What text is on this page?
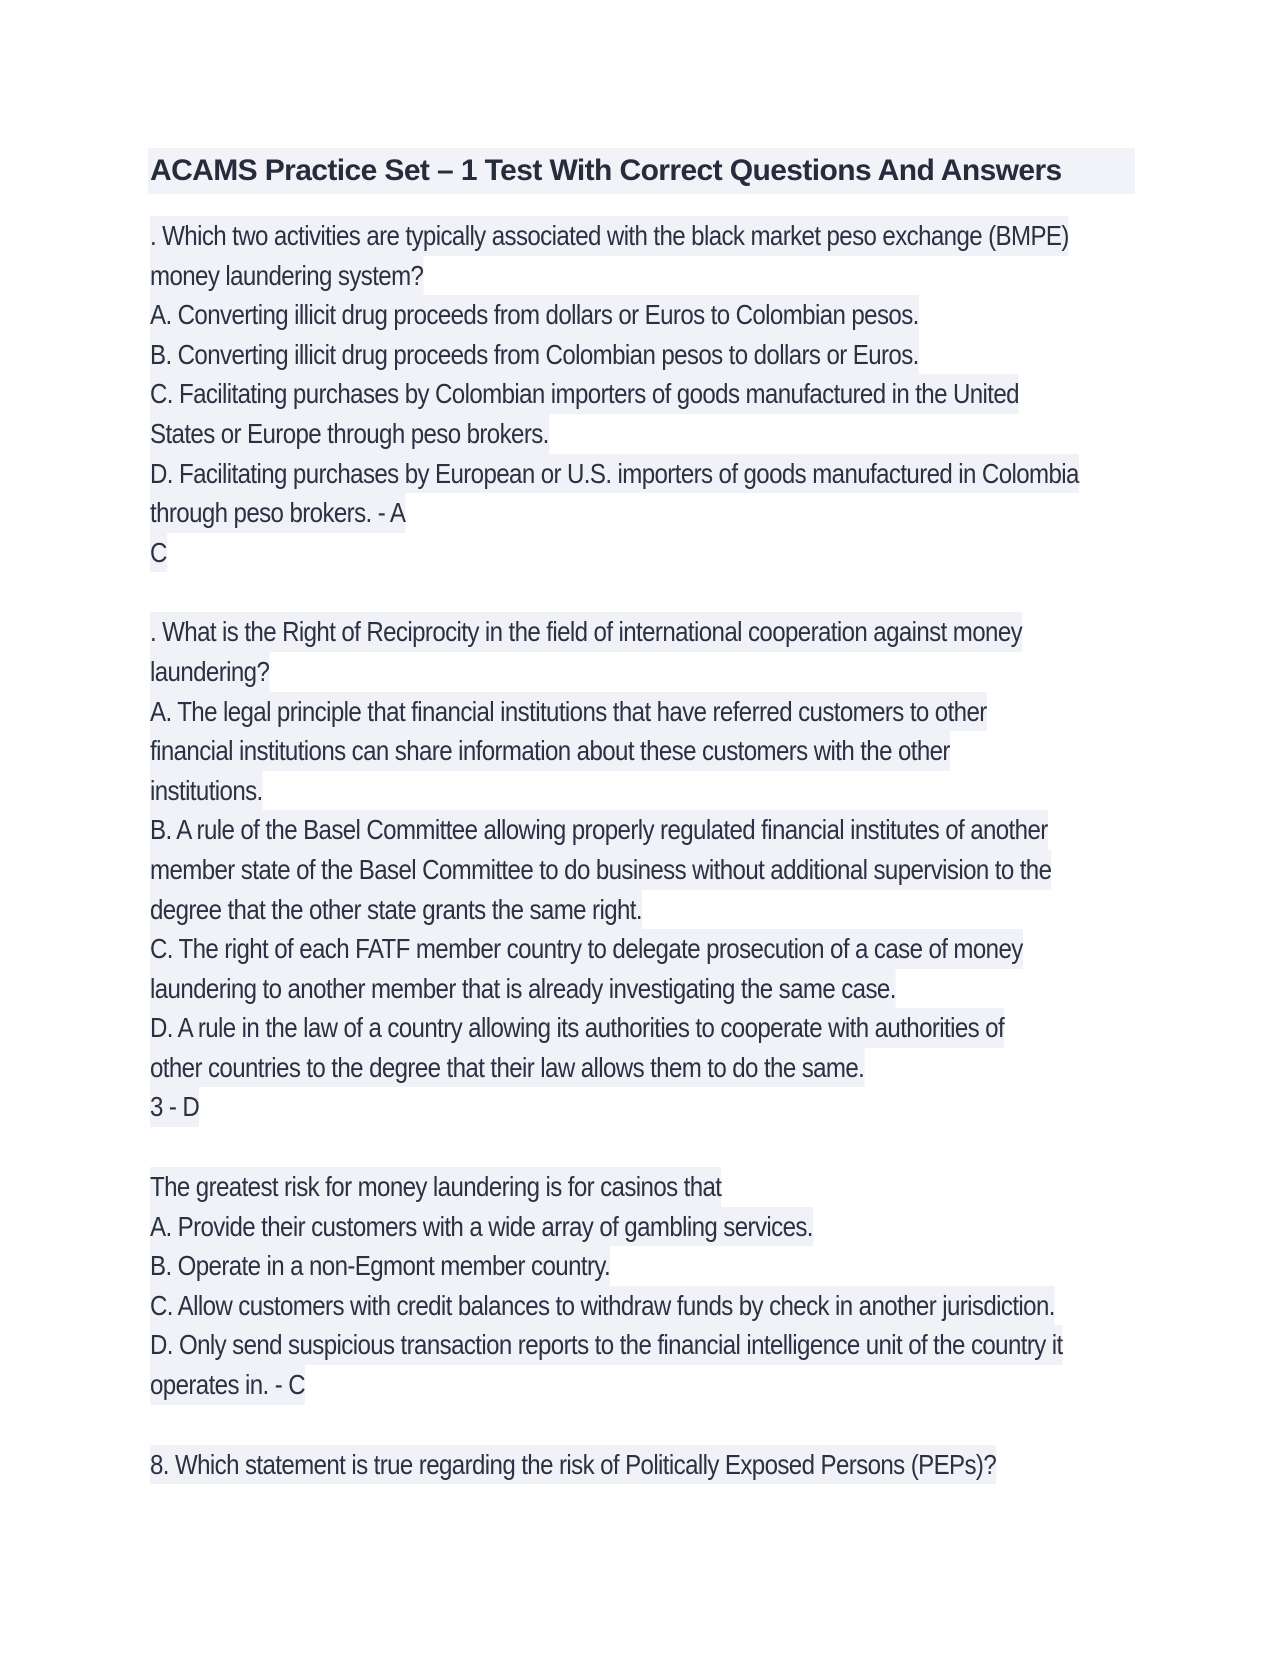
ACAMS Practice Set – 1 Test With Correct Questions And Answers
. Which two activities are typically associated with the black market peso exchange (BMPE)
money laundering system?
A. Converting illicit drug proceeds from dollars or Euros to Colombian pesos.
B. Converting illicit drug proceeds from Colombian pesos to dollars or Euros.
C. Facilitating purchases by Colombian importers of goods manufactured in the United
States or Europe through peso brokers.
D. Facilitating purchases by European or U.S. importers of goods manufactured in Colombia
through peso brokers. - A
C
. What is the Right of Reciprocity in the field of international cooperation against money
laundering?
A. The legal principle that financial institutions that have referred customers to other
financial institutions can share information about these customers with the other
institutions.
B. A rule of the Basel Committee allowing properly regulated financial institutes of another
member state of the Basel Committee to do business without additional supervision to the
degree that the other state grants the same right.
C. The right of each FATF member country to delegate prosecution of a case of money
laundering to another member that is already investigating the same case.
D. A rule in the law of a country allowing its authorities to cooperate with authorities of
other countries to the degree that their law allows them to do the same.
3 - D
The greatest risk for money laundering is for casinos that
A. Provide their customers with a wide array of gambling services.
B. Operate in a non-Egmont member country.
C. Allow customers with credit balances to withdraw funds by check in another jurisdiction.
D. Only send suspicious transaction reports to the financial intelligence unit of the country it
operates in. - C
8. Which statement is true regarding the risk of Politically Exposed Persons (PEPs)?
